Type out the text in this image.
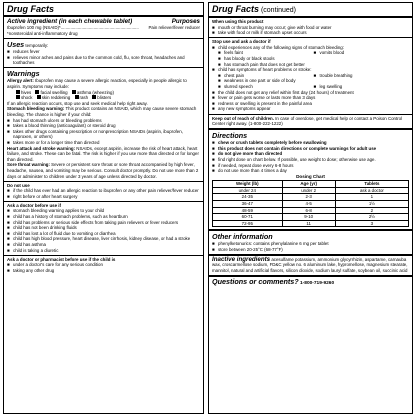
Drug Facts
Active ingredient (in each chewable tablet)	Purposes
Ibuprofen 100 mg (NSAID)* ................................................................	Pain reliever/fever reducer

*nonsteroidal anti-inflammatory drug

Uses temporarily:
■ reduces fever
■ relieves minor aches and pains due to the common cold, flu, sore throat, headaches and toothaches
Warnings

Allergy alert: Ibuprofen may cause a severe allergic reaction, especially in people allergic to aspirin. Symptoms may include:

hives facial swelling asthma (wheezing)

shock skin reddening rash blisters

If an allergic reaction occurs, stop use and seek medical help right away.

Stomach bleeding warning: This product contains an NSAID, which may cause severe stomach bleeding. The chance is higher if your child:

■ has had stomach ulcers or bleeding problems
■ takes a blood thinning (anticoagulant) or steroid drug
■ takes other drugs containing prescription or nonprescription NSAIDs (aspirin, ibuprofen, naproxen, or others)
■ takes more or for a longer time than directed

Heart attack and stroke warning: NSAIDs, except aspirin, increase the risk of heart attack, heart failure, and stroke. These can be fatal. The risk is higher if you use more than directed or for longer than directed.

Sore throat warning: Severe or persistent sore throat or sore throat accompanied by high fever, headache, nausea, and vomiting may be serious. Consult doctor promptly. Do not use more than 2 days or administer to children under 3 years of age unless directed by doctor.

Do not use
■ if the child has ever had an allergic reaction to ibuprofen or any other pain reliever/fever reducer
■ right before or after heart surgery
Ask a doctor before use if
■ stomach bleeding warning applies to your child
■ child has a history of stomach problems, such as heartburn
■ child has problems or serious side effects from taking pain relievers or fever reducers
■ child has not been drinking fluids
■ child has lost a lot of fluid due to vomiting or diarrhea
■ child has high blood pressure, heart disease, liver cirrhosis, kidney disease, or had a stroke
■ child has asthma
■ child is taking a diuretic
Ask a doctor or pharmacist before use if the child is
■ under a doctor's care for any serious condition
■ taking any other drug
Drug Facts (continued)
When using this product
■ mouth or throat burning may occur; give with food or water
■ take with food or milk if stomach upset occurs
Stop use and ask a doctor if
■ child experiences any of the following signs of stomach bleeding:
■ feels faint	■ vomits blood
■ has bloody or black stools
■ has stomach pain that does not get better
■ child has symptoms of heart problems or stroke:
■ chest pain	■ trouble breathing
■ weakness in one part or side of body
■ slurred speech	■ leg swelling
■ the child does not get any relief within first day (24 hours) of treatment
■ fever or pain gets worse or lasts more than 3 days
■ redness or swelling is present in the painful area
■ any new symptoms appear

Keep out of reach of children. In case of overdose, get medical help or contact a Poison Control Center right away. (1-800-222-1222)

Directions
■ chew or crush tablets completely before swallowing
■ this product does not contain directions or complete warnings for adult use
■ do not give more than directed
■ find right dose on chart below. If possible, use weight to dose; otherwise use age.
■ if needed, repeat dose every 6-8 hours
■ do not use more than 4 times a day
Dosing Chart
Weight (lb)	Age (yr)	Tablets
under 24	under 2	ask a doctor
24-35	2-3	1
36-47	4-5	1½
48-59	6-8	2
60-71	9-10	2½
72-95	11	3
Other information
■ phenylketonurics: contains phenylalanine 6 mg per tablet
■ store between 20-25°C (68-77°F)

Inactive ingredients acesulfame potassium, ammonium glycyrrhizin, aspartame, carnauba wax, croscarmellose sodium, FD&C yellow no. 6 aluminum lake, hypromellose, magnesium stearate, mannitol, natural and artificial flavors, silicon dioxide, sodium lauryl sulfate, soybean oil, succinic acid

Questions or comments? 1-800-719-9260
